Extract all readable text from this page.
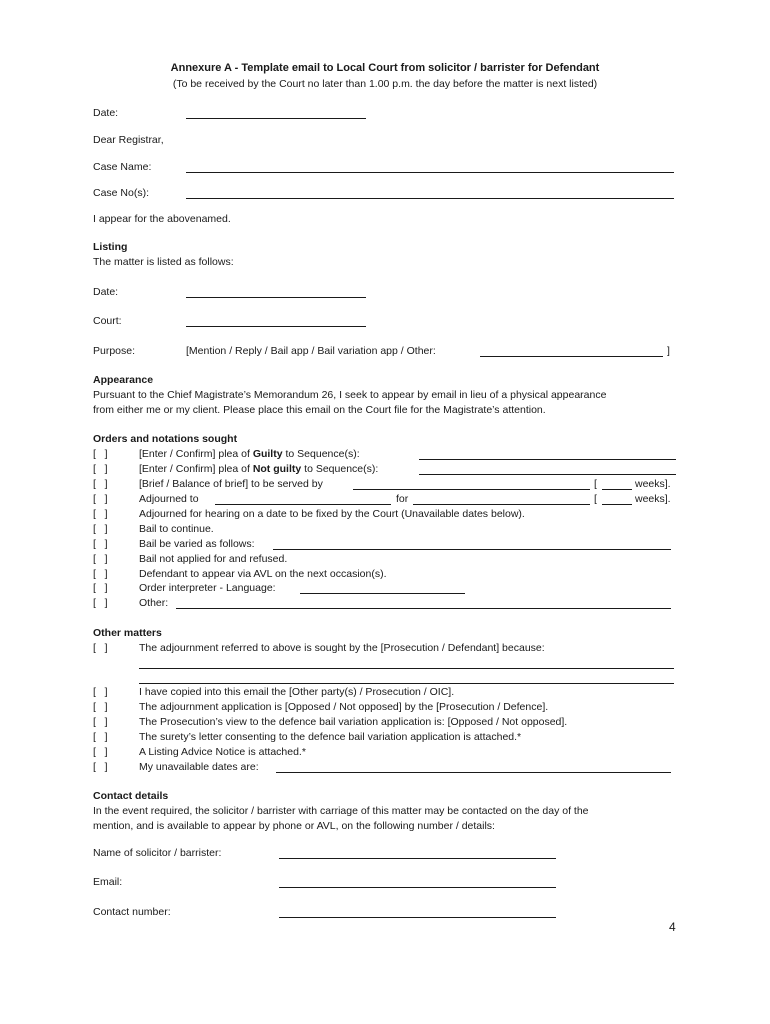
Annexure A - Template email to Local Court from solicitor / barrister for Defendant
(To be received by the Court no later than 1.00 p.m. the day before the matter is next listed)
Date:
Dear Registrar,
Case Name:
Case No(s):
I appear for the abovenamed.
Listing
The matter is listed as follows:
Date:
Court:
Purpose:	[Mention / Reply / Bail app / Bail variation app / Other:	]
Appearance
Pursuant to the Chief Magistrate’s Memorandum 26, I seek to appear by email in lieu of a physical appearance
from either me or my client. Please place this email on the Court file for the Magistrate’s attention.
Orders and notations sought
[   ]	[Enter / Confirm] plea of Guilty to Sequence(s):
[   ]	[Enter / Confirm] plea of Not guilty to Sequence(s):
[   ]	[Brief / Balance of brief] to be served by	[	weeks].
[   ]	Adjourned to	for	[	weeks].
[   ]	Adjourned for hearing on a date to be fixed by the Court (Unavailable dates below).
[   ]	Bail to continue.
[   ]	Bail be varied as follows:
[   ]	Bail not applied for and refused.
[   ]	Defendant to appear via AVL on the next occasion(s).
[   ]	Order interpreter - Language:
[   ]	Other:
Other matters
[   ]	The adjournment referred to above is sought by the [Prosecution / Defendant] because:
[   ]	I have copied into this email the [Other party(s) / Prosecution / OIC].
[   ]	The adjournment application is [Opposed / Not opposed] by the [Prosecution / Defence].
[   ]	The Prosecution’s view to the defence bail variation application is: [Opposed / Not opposed].
[   ]	The surety’s letter consenting to the defence bail variation application is attached.*
[   ]	A Listing Advice Notice is attached.*
[   ]	My unavailable dates are:
Contact details
In the event required, the solicitor / barrister with carriage of this matter may be contacted on the day of the
mention, and is available to appear by phone or AVL, on the following number / details:
Name of solicitor / barrister:
Email:
Contact number:
4
